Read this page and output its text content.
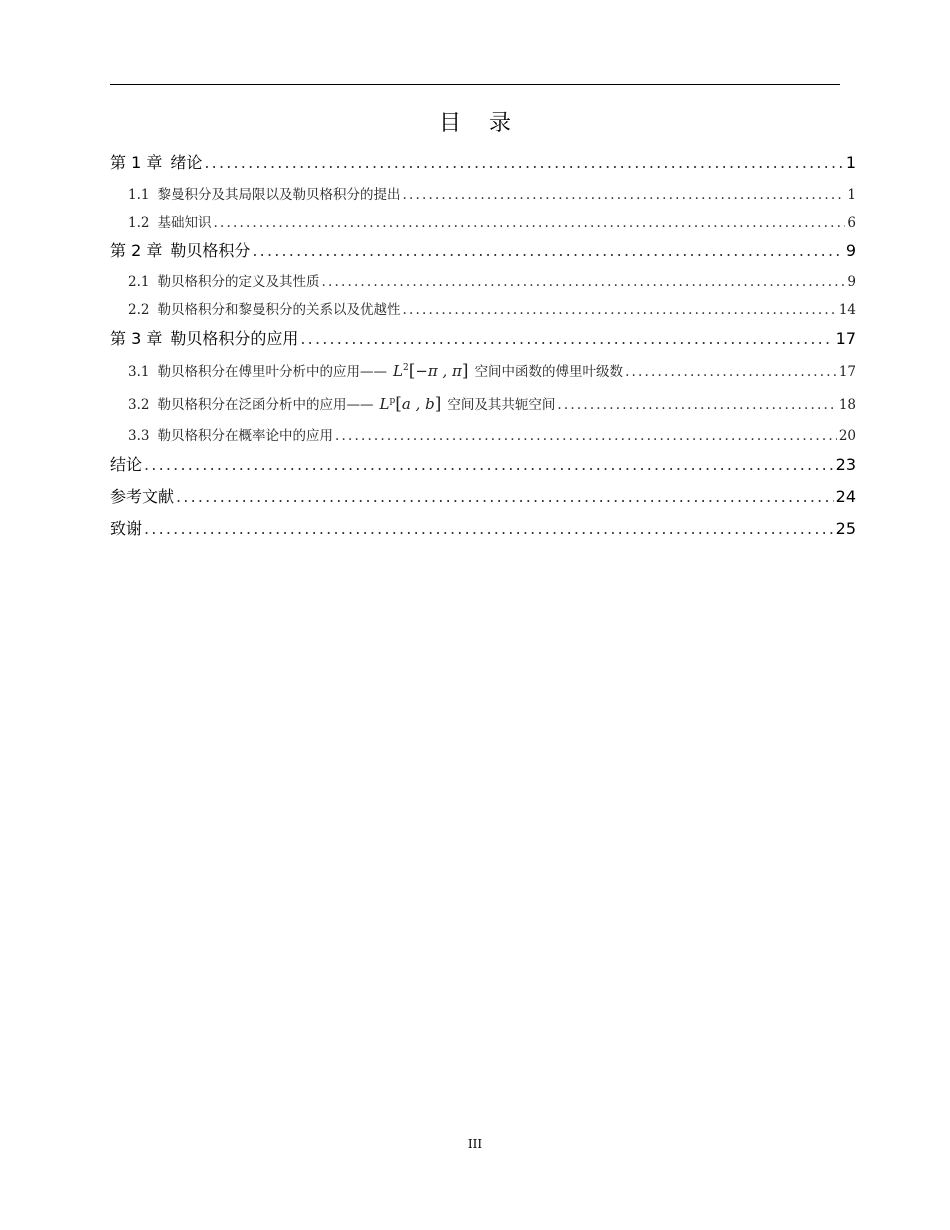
目 录
第 1 章 绪论 .....	1
1.1 黎曼积分及其局限以及勒贝格积分的提出 .....	1
1.2 基础知识 .....	6
第 2 章 勒贝格积分 .....	9
2.1 勒贝格积分的定义及其性质 .....	9
2.2 勒贝格积分和黎曼积分的关系以及优越性 .....	14
第 3 章 勒贝格积分的应用 .....	17
3.1 勒贝格积分在傅里叶分析中的应用—— $L^2[-\pi$ , π] 空间中函数的傅里叶级数 .....	17
3.2 勒贝格积分在泛函分析中的应用—— $L^p[a$ , b] 空间及其共轭空间 .....	18
3.3 勒贝格积分在概率论中的应用 .....	20
结论 .....	23
参考文献 .....	24
致谢 .....	25
III
